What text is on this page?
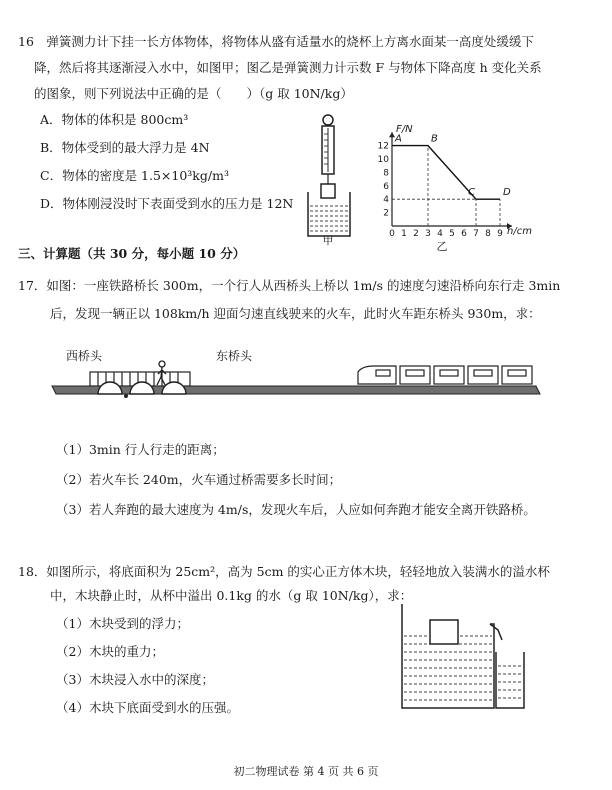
16　弹簧测力计下挂一长方体物体，将物体从盛有适量水的烧杯上方离水面某一高度处缓缓下
降，然后将其逐渐浸入水中，如图甲；图乙是弹簧测力计示数 F 与物体下降高度 h 变化关系
的图象，则下列说法中正确的是（　　）（g 取 10N/kg）
A．物体的体积是 800cm³
B．物体受到的最大浮力是 4N
C．物体的密度是 1.5×10³kg/m³
D．物体刚浸没时下表面受到水的压力是 12N
甲	0 1 2 3 4 5 6 7 8 9
2
4
6
8
10
12
A	B
C	D
F/N
h/cm
乙
三、计算题（共 30 分，每小题 10 分）
17．如图：一座铁路桥长 300m，一个行人从西桥头上桥以 1m/s 的速度匀速沿桥向东行走 3min
后，发现一辆正以 108km/h 迎面匀速直线驶来的火车，此时火车距东桥头 930m，求：
西桥头	东桥头
（1）3min 行人行走的距离；
（2）若火车长 240m，火车通过桥需要多长时间；
（3）若人奔跑的最大速度为 4m/s，发现火车后，人应如何奔跑才能安全离开铁路桥。
18．如图所示，将底面积为 25cm²，高为 5cm 的实心正方体木块，轻轻地放入装满水的溢水杯
中，木块静止时，从杯中溢出 0.1kg 的水（g 取 10N/kg），求：
（1）木块受到的浮力；
（2）木块的重力；
（3）木块浸入水中的深度；
（4）木块下底面受到水的压强。
初二物理试卷 第 4 页 共 6 页
